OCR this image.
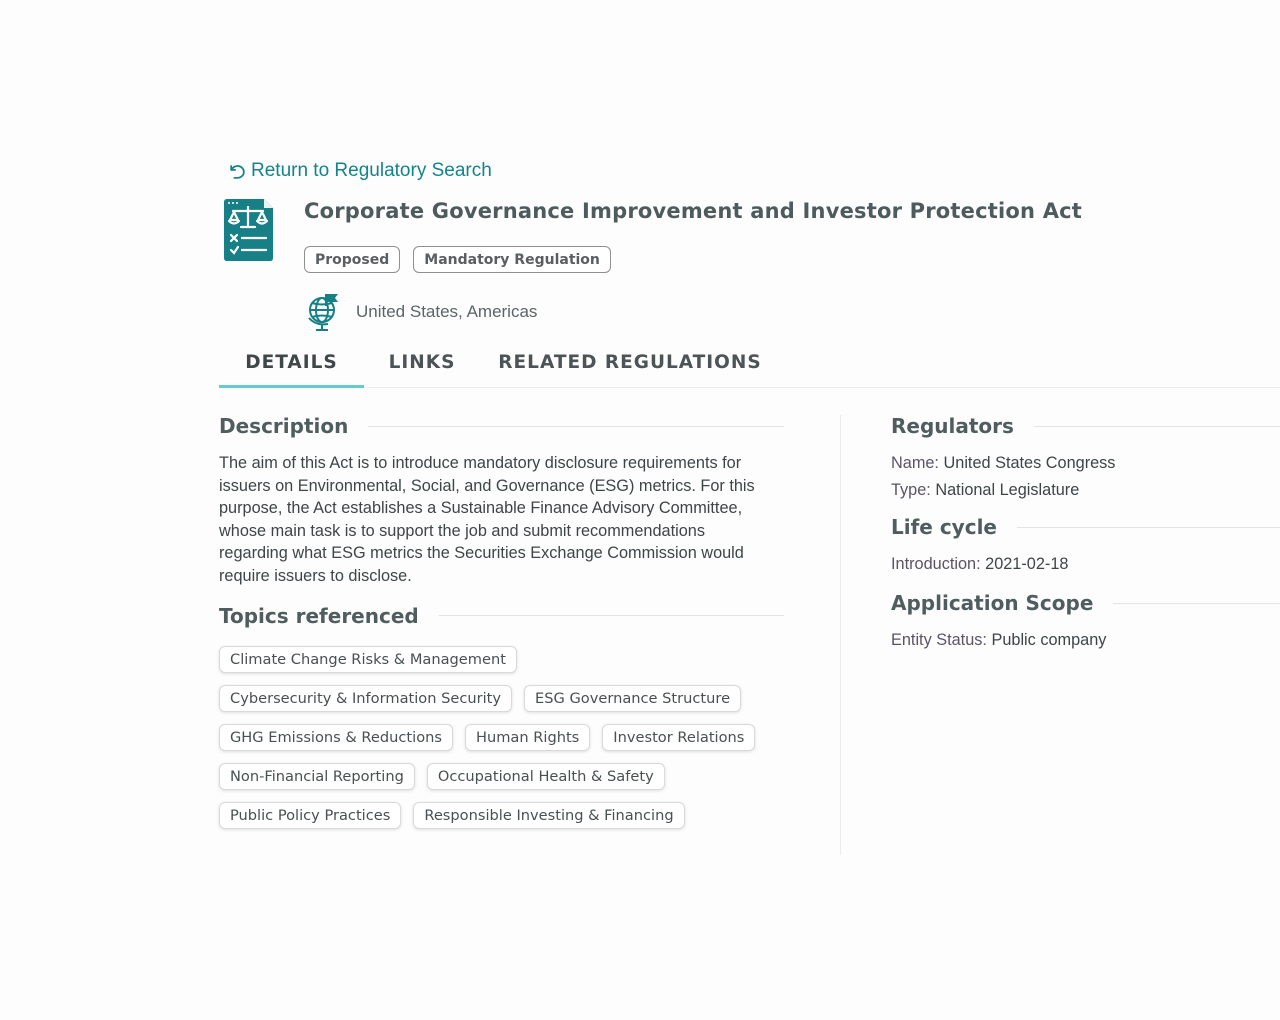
Return to Regulatory Search
Corporate Governance Improvement and Investor Protection Act
Proposed	Mandatory Regulation
United States, Americas
DETAILS	LINKS	RELATED REGULATIONS
Description

The aim of this Act is to introduce mandatory disclosure requirements for issuers on Environmental, Social, and Governance (ESG) metrics. For this purpose, the Act establishes a Sustainable Finance Advisory Committee, whose main task is to support the job and submit recommendations regarding what ESG metrics the Securities Exchange Commission would require issuers to disclose.

Topics referenced
Climate Change Risks & Management
Cybersecurity & Information Security	ESG Governance Structure
GHG Emissions & Reductions	Human Rights	Investor Relations
Non-Financial Reporting	Occupational Health & Safety
Public Policy Practices	Responsible Investing & Financing
Regulators
Name: United States Congress
Type: National Legislature
Life cycle
Introduction: 2021-02-18
Application Scope
Entity Status: Public company
